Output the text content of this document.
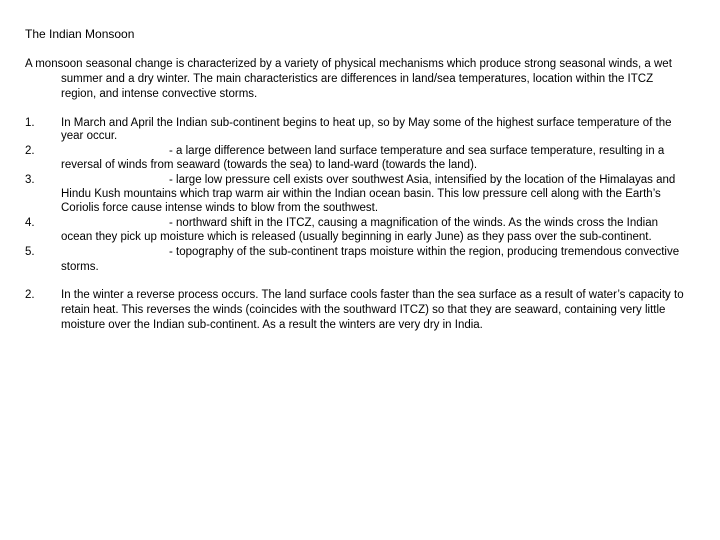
The Indian Monsoon
A monsoon seasonal change is characterized by a variety of physical mechanisms which produce strong seasonal winds, a wet
summer and a dry winter. The main characteristics are differences in land/sea temperatures, location within the ITCZ
region, and intense convective storms.
1. In March and April the Indian sub-continent begins to heat up, so by May some of the highest surface temperature of the
year occur.
2.	- a large difference between land surface temperature and sea surface temperature, resulting in a
reversal of winds from seaward (towards the sea) to land-ward (towards the land).
3.	- large low pressure cell exists over southwest Asia, intensified by the location of the Himalayas and
Hindu Kush mountains which trap warm air within the Indian ocean basin. This low pressure cell along with the Earth’s
Coriolis force cause intense winds to blow from the southwest.
4.	- northward shift in the ITCZ, causing a magnification of the winds. As the winds cross the Indian
ocean they pick up moisture which is released (usually beginning in early June) as they pass over the sub-continent.
5.	- topography of the sub-continent traps moisture within the region, producing tremendous convective
storms.
2. In the winter a reverse process occurs. The land surface cools faster than the sea surface as a result of water’s capacity to
retain heat. This reverses the winds (coincides with the southward ITCZ) so that they are seaward, containing very little
moisture over the Indian sub-continent. As a result the winters are very dry in India.
